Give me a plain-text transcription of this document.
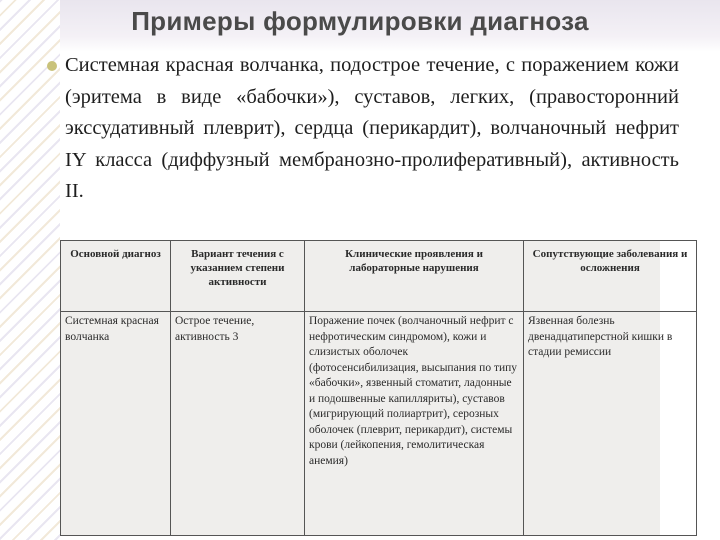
Примеры формулировки диагноза

Системная красная волчанка, подострое течение, с поражением кожи (эритема в виде «бабочки»), суставов, легких, (правосторонний экссудативный плеврит), сердца (перикардит), волчаночный нефрит IY класса (диффузный мембранозно-пролиферативный), активность II.

Основной диагноз	Вариант течения с указанием степени активности	Клинические проявления и лабораторные нарушения	Сопутствующие заболевания и осложнения
Системная красная волчанка	Острое течение, активность 3	Поражение почек (волчаночный нефрит с нефротическим синдромом), кожи и слизистых оболочек (фотосенсибилизация, высыпания по типу «бабочки», язвенный стоматит, ладонные и подошвенные капилляриты), суставов (мигрирующий полиартрит), серозных оболочек (плеврит, перикардит), системы крови (лейкопения, гемолитическая анемия)	Язвенная болезнь двенадцатиперстной кишки в стадии ремиссии
